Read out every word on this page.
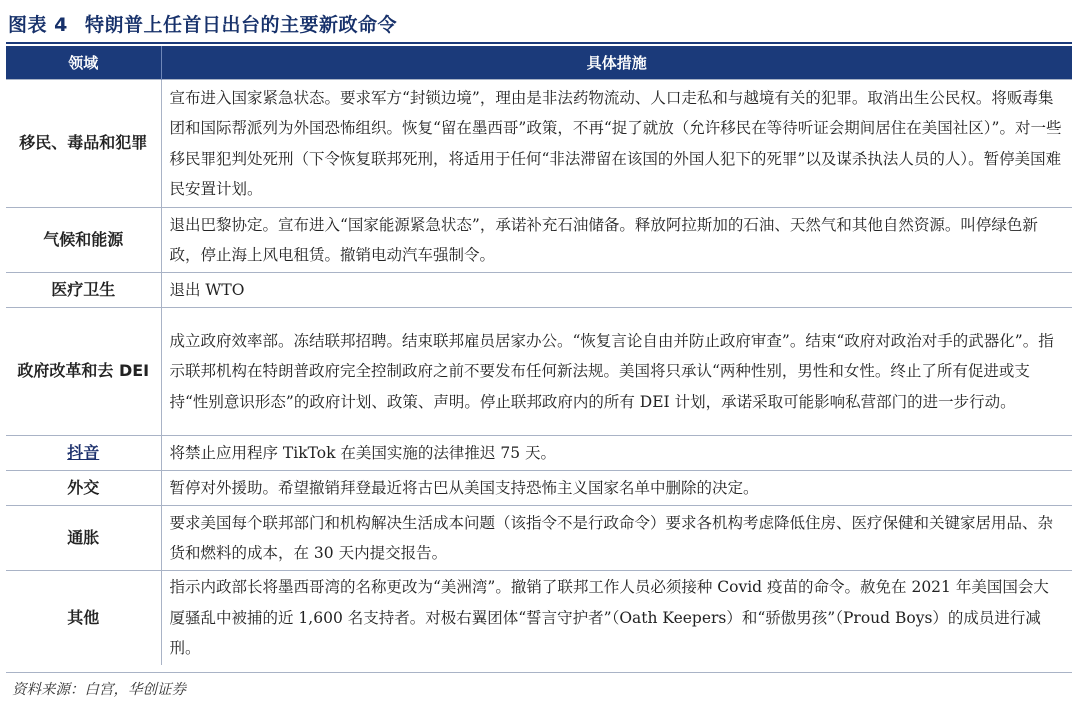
图表 4 特朗普上任首日出台的主要新政命令
领域	具体措施
移民、毒品和犯罪	宣布进入国家紧急状态。要求军方“封锁边境”，理由是非法药物流动、人口走私和与越境有关的犯罪。取消出生公民权。将贩毒集团和国际帮派列为外国恐怖组织。恢复“留在墨西哥”政策，不再“捉了就放（允许移民在等待听证会期间居住在美国社区）”。对一些移民罪犯判处死刑（下令恢复联邦死刑，将适用于任何“非法滞留在该国的外国人犯下的死罪”以及谋杀执法人员的人）。暂停美国难民安置计划。
气候和能源	退出巴黎协定。宣布进入“国家能源紧急状态”，承诺补充石油储备。释放阿拉斯加的石油、天然气和其他自然资源。叫停绿色新政，停止海上风电租赁。撤销电动汽车强制令。
医疗卫生	退出 WTO
政府改革和去 DEI	成立政府效率部。冻结联邦招聘。结束联邦雇员居家办公。“恢复言论自由并防止政府审查”。结束“政府对政治对手的武器化”。指示联邦机构在特朗普政府完全控制政府之前不要发布任何新法规。美国将只承认“两种性别，男性和女性。终止了所有促进或支持“性别意识形态”的政府计划、政策、声明。停止联邦政府内的所有 DEI 计划，承诺采取可能影响私营部门的进一步行动。
抖音	将禁止应用程序 TikTok 在美国实施的法律推迟 75 天。
外交	暂停对外援助。希望撤销拜登最近将古巴从美国支持恐怖主义国家名单中删除的决定。
通胀	要求美国每个联邦部门和机构解决生活成本问题（该指令不是行政命令）要求各机构考虑降低住房、医疗保健和关键家居用品、杂货和燃料的成本，在 30 天内提交报告。
其他	指示内政部长将墨西哥湾的名称更改为“美洲湾”。撤销了联邦工作人员必须接种 Covid 疫苗的命令。赦免在 2021 年美国国会大厦骚乱中被捕的近 1,600 名支持者。对极右翼团体“誓言守护者”（Oath Keepers）和“骄傲男孩”（Proud Boys）的成员进行减刑。
资料来源：白宫，华创证券
